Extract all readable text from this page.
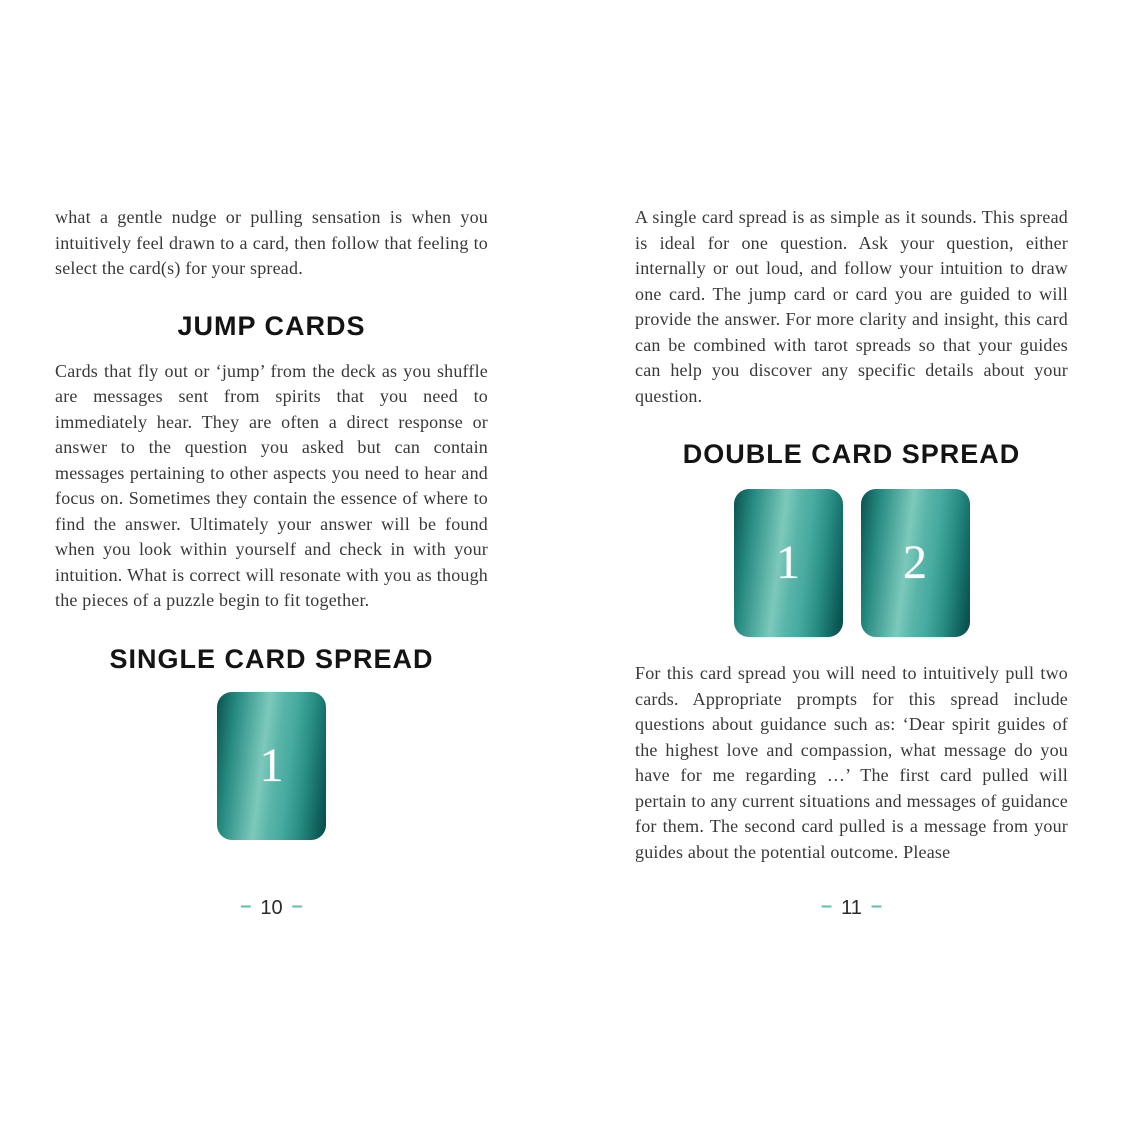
what a gentle nudge or pulling sensation is when you intuitively feel drawn to a card, then follow that feeling to select the card(s) for your spread.

JUMP CARDS

Cards that fly out or ‘jump’ from the deck as you shuffle are messages sent from spirits that you need to immediately hear. They are often a direct response or answer to the question you asked but can contain messages pertaining to other aspects you need to hear and focus on. Sometimes they contain the essence of where to find the answer. Ultimately your answer will be found when you look within yourself and check in with your intuition. What is correct will resonate with you as though the pieces of a puzzle begin to fit together.

SINGLE CARD SPREAD
1
– 10 –

A single card spread is as simple as it sounds. This spread is ideal for one question. Ask your question, either internally or out loud, and follow your intuition to draw one card. The jump card or card you are guided to will provide the answer. For more clarity and insight, this card can be combined with tarot spreads so that your guides can help you discover any specific details about your question.

DOUBLE CARD SPREAD
1 2

For this card spread you will need to intuitively pull two cards. Appropriate prompts for this spread include questions about guidance such as: ‘Dear spirit guides of the highest love and compassion, what message do you have for me regarding …’ The first card pulled will pertain to any current situations and messages of guidance for them. The second card pulled is a message from your guides about the potential outcome. Please

– 11 –
